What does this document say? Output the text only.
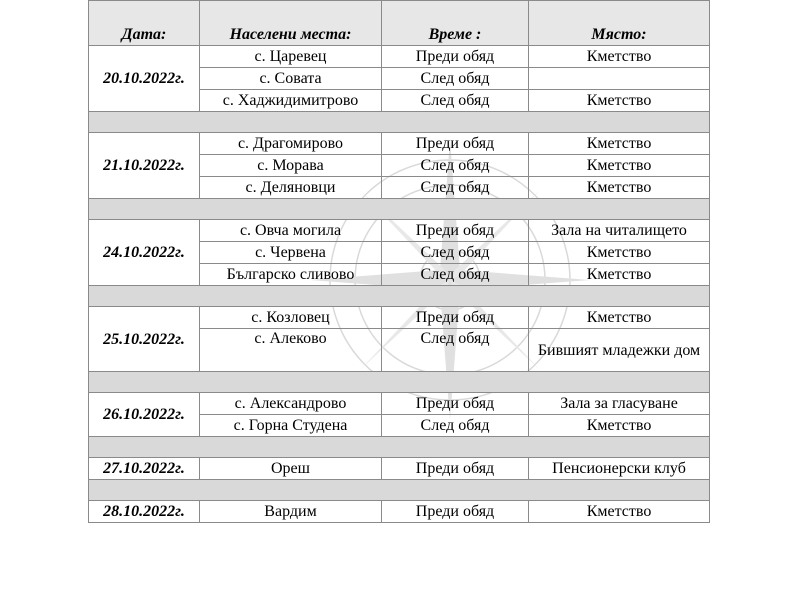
Дата:	Населени места:	Време :	Място:

20.10.2022г.	с. Царевец	Преди обяд	Кметство
	с. Совата	След обяд	
	с. Хаджидимитрово	След обяд	Кметство

21.10.2022г.	с. Драгомирово	Преди обяд	Кметство
	с. Морава	След обяд	Кметство
	с. Деляновци	След обяд	Кметство

24.10.2022г.	с. Овча могила	Преди обяд	Зала на читалището
	с. Червена	След обяд	Кметство
	Българско сливово	След обяд	Кметство

25.10.2022г.	с. Козловец	Преди обяд	Кметство
	с. Алеково	След обяд	Бившият младежки дом

26.10.2022г.	с. Александрово	Преди обяд	Зала за гласуване
	с. Горна Студена	След обяд	Кметство

27.10.2022г.	Ореш	Преди обяд	Пенсионерски клуб

28.10.2022г.	Вардим	Преди обяд	Кметство
